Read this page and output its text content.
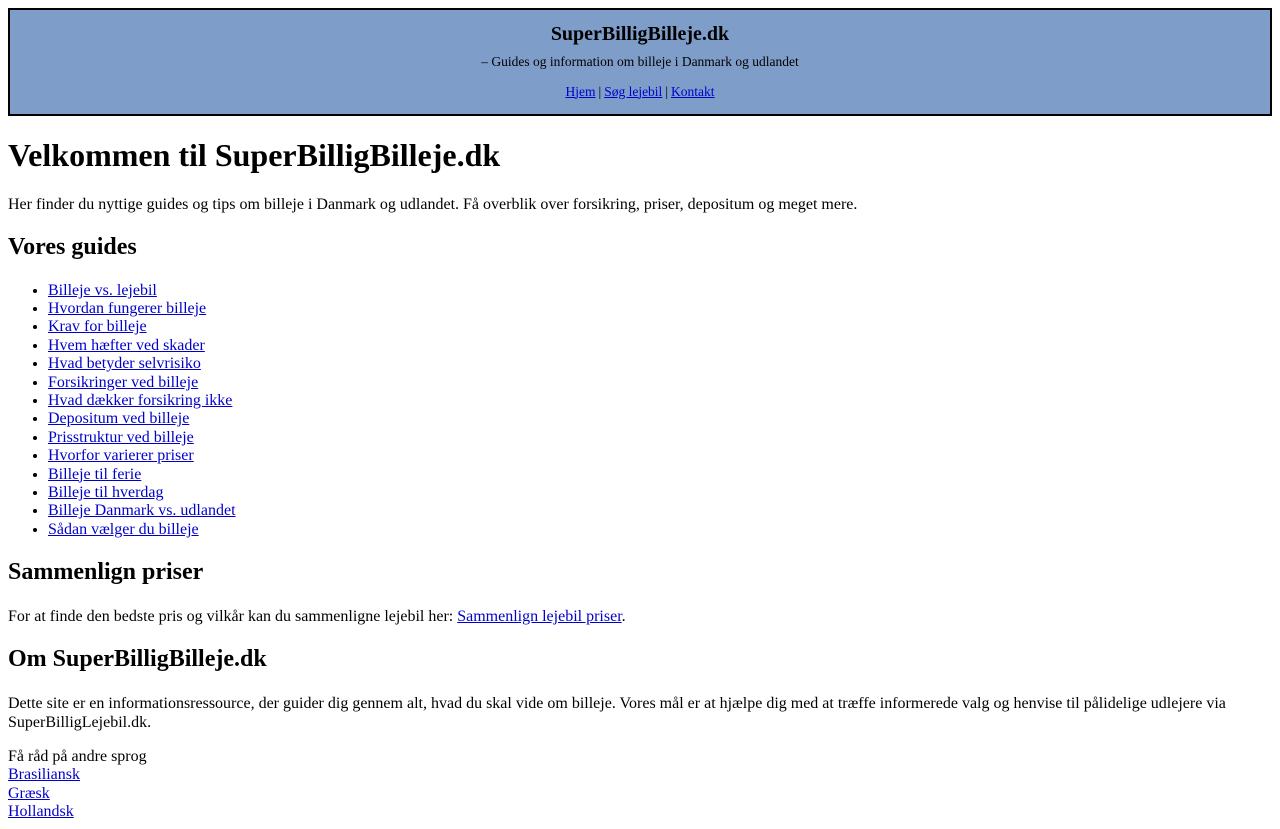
SuperBilligBilleje.dk
– Guides og information om billeje i Danmark og udlandet
Hjem | Søg lejebil | Kontakt
Velkommen til SuperBilligBilleje.dk

Her finder du nyttige guides og tips om billeje i Danmark og udlandet. Få overblik over forsikring, priser, depositum og meget mere.

Vores guides
• Billeje vs. lejebil
• Hvordan fungerer billeje
• Krav for billeje
• Hvem hæfter ved skader
• Hvad betyder selvrisiko
• Forsikringer ved billeje
• Hvad dækker forsikring ikke
• Depositum ved billeje
• Prisstruktur ved billeje
• Hvorfor varierer priser
• Billeje til ferie
• Billeje til hverdag
• Billeje Danmark vs. udlandet
• Sådan vælger du billeje
Sammenlign priser

For at finde den bedste pris og vilkår kan du sammenligne lejebil her: Sammenlign lejebil priser.

Om SuperBilligBilleje.dk

Dette site er en informationsressource, der guider dig gennem alt, hvad du skal vide om billeje. Vores mål er at hjælpe dig med at træffe informerede valg og henvise til pålidelige udlejere via SuperBilligLejebil.dk.

Få råd på andre sprog

Brasiliansk
Græsk
Hollandsk
